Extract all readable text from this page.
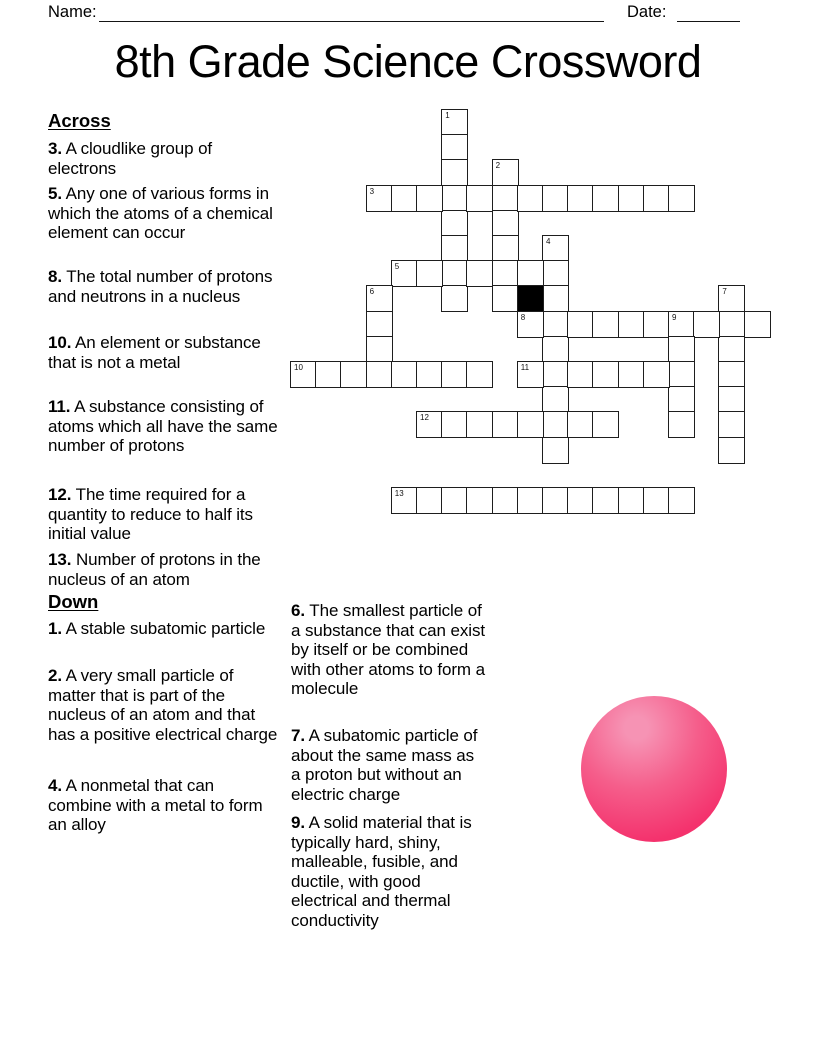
Name:	Date:
8th Grade Science Crossword
Across
3. A cloudlike group of electrons
5. Any one of various forms in which the atoms of a chemical element can occur
8. The total number of protons and neutrons in a nucleus
10. An element or substance that is not a metal
11. A substance consisting of atoms which all have the same number of protons
12. The time required for a quantity to reduce to half its initial value
13. Number of protons in the nucleus of an atom
Down
1. A stable subatomic particle
2. A very small particle of matter that is part of the nucleus of an atom and that has a positive electrical charge
4. A nonmetal that can combine with a metal to form an alloy
6. The smallest particle of a substance that can exist by itself or be combined with other atoms to form a molecule
7. A subatomic particle of about the same mass as a proton but without an electric charge
9. A solid material that is typically hard, shiny, malleable, fusible, and ductile, with good electrical and thermal conductivity
1
2
3
4
5
6	7
8	9
10	11
12
13
